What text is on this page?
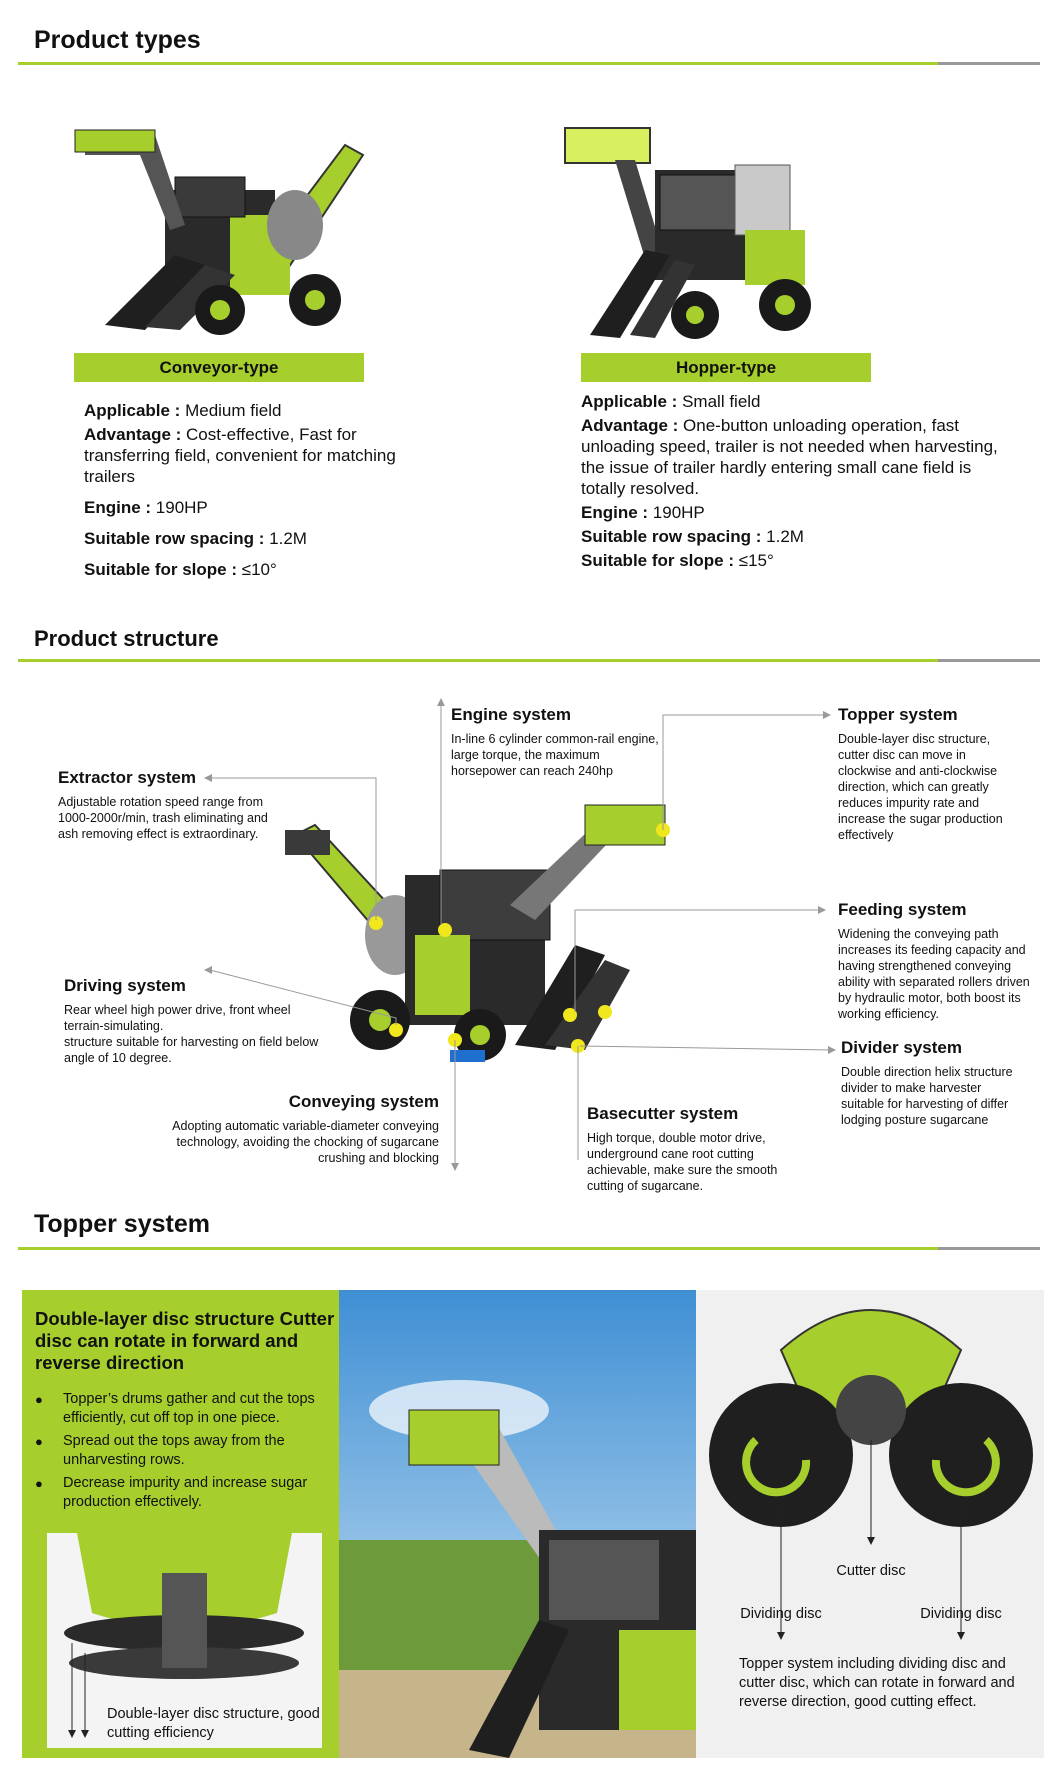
Product types
Conveyor-type	Hopper-type

Applicable : Medium field

Advantage : Cost-effective, Fast for transferring field, convenient for matching trailers

Engine : 190HP

Suitable row spacing : 1.2M

Suitable for slope : ≤10°

Applicable : Small field

Advantage : One-button unloading operation, fast unloading speed, trailer is not needed when harvesting, the issue of trailer hardly entering small cane field is totally resolved.

Engine : 190HP

Suitable row spacing : 1.2M

Suitable for slope : ≤15°

Product structure
Engine system
In-line 6 cylinder common-rail engine, large torque, the maximum horsepower can reach 240hp
Topper system
Double-layer disc structure, cutter disc can move in clockwise and anti-clockwise direction, which can greatly reduces impurity rate and increase the sugar production effectively
Extractor system
Adjustable rotation speed range from 1000-2000r/min, trash eliminating and ash removing effect is extraordinary.
Feeding system
Widening the conveying path increases its feeding capacity and having strengthened conveying ability with separated rollers driven by hydraulic motor, both boost its working efficiency.

Driving system
Rear wheel high power drive, front wheel terrain-simulating.
structure suitable for harvesting on field below angle of 10 degree.

Divider system
Double direction helix structure divider to make harvester suitable for harvesting of differ lodging posture sugarcane
Conveying system
Adopting automatic variable-diameter conveying technology, avoiding the chocking of sugarcane crushing and blocking
Basecutter system
High torque, double motor drive, underground cane root cutting achievable, make sure the smooth cutting of sugarcane.
Topper system
Double-layer disc structure Cutter disc can rotate in forward and reverse direction
● Topper’s drums gather and cut the tops efficiently, cut off top in one piece.
● Spread out the tops away from the unharvesting rows.
● Decrease impurity and increase sugar production effectively.
Double-layer disc structure, good cutting efficiency
Cutter disc
Dividing disc	Dividing disc
Topper system including dividing disc and cutter disc, which can rotate in forward and reverse direction, good cutting effect.
